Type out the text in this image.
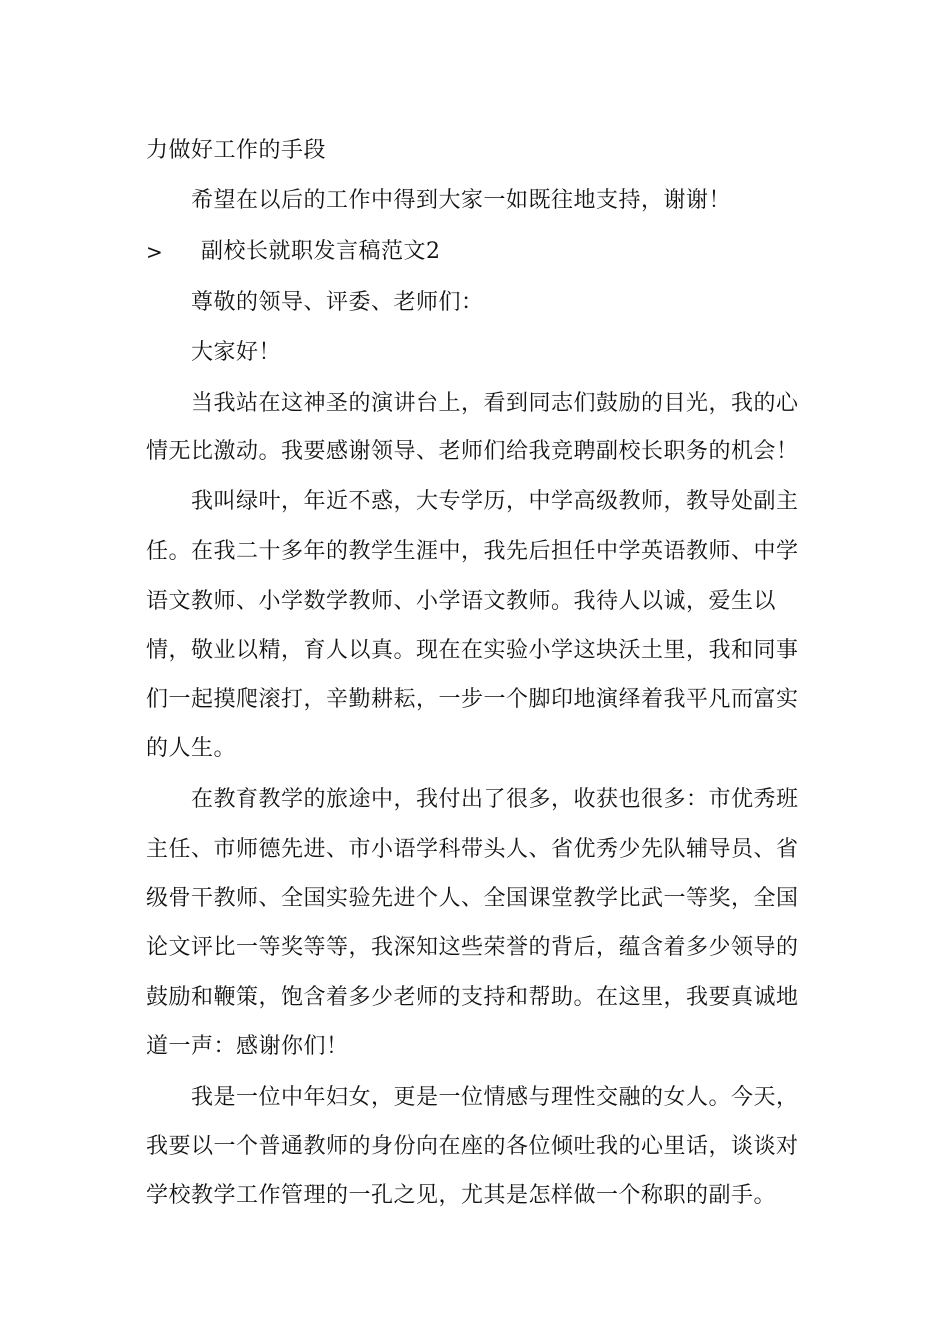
力做好工作的手段
希望在以后的工作中得到大家一如既往地支持，谢谢！
> 副校长就职发言稿范文2
尊敬的领导、评委、老师们：
大家好！
当我站在这神圣的演讲台上，看到同志们鼓励的目光，我的心
情无比激动。我要感谢领导、老师们给我竞聘副校长职务的机会！
我叫绿叶，年近不惑，大专学历，中学高级教师，教导处副主
任。在我二十多年的教学生涯中，我先后担任中学英语教师、中学
语文教师、小学数学教师、小学语文教师。我待人以诚，爱生以
情，敬业以精，育人以真。现在在实验小学这块沃土里，我和同事
们一起摸爬滚打，辛勤耕耘，一步一个脚印地演绎着我平凡而富实
的人生。
在教育教学的旅途中，我付出了很多，收获也很多：市优秀班
主任、市师德先进、市小语学科带头人、省优秀少先队辅导员、省
级骨干教师、全国实验先进个人、全国课堂教学比武一等奖，全国
论文评比一等奖等等，我深知这些荣誉的背后，蕴含着多少领导的
鼓励和鞭策，饱含着多少老师的支持和帮助。在这里，我要真诚地
道一声：感谢你们！
我是一位中年妇女，更是一位情感与理性交融的女人。今天，
我要以一个普通教师的身份向在座的各位倾吐我的心里话，谈谈对
学校教学工作管理的一孔之见，尤其是怎样做一个称职的副手。
